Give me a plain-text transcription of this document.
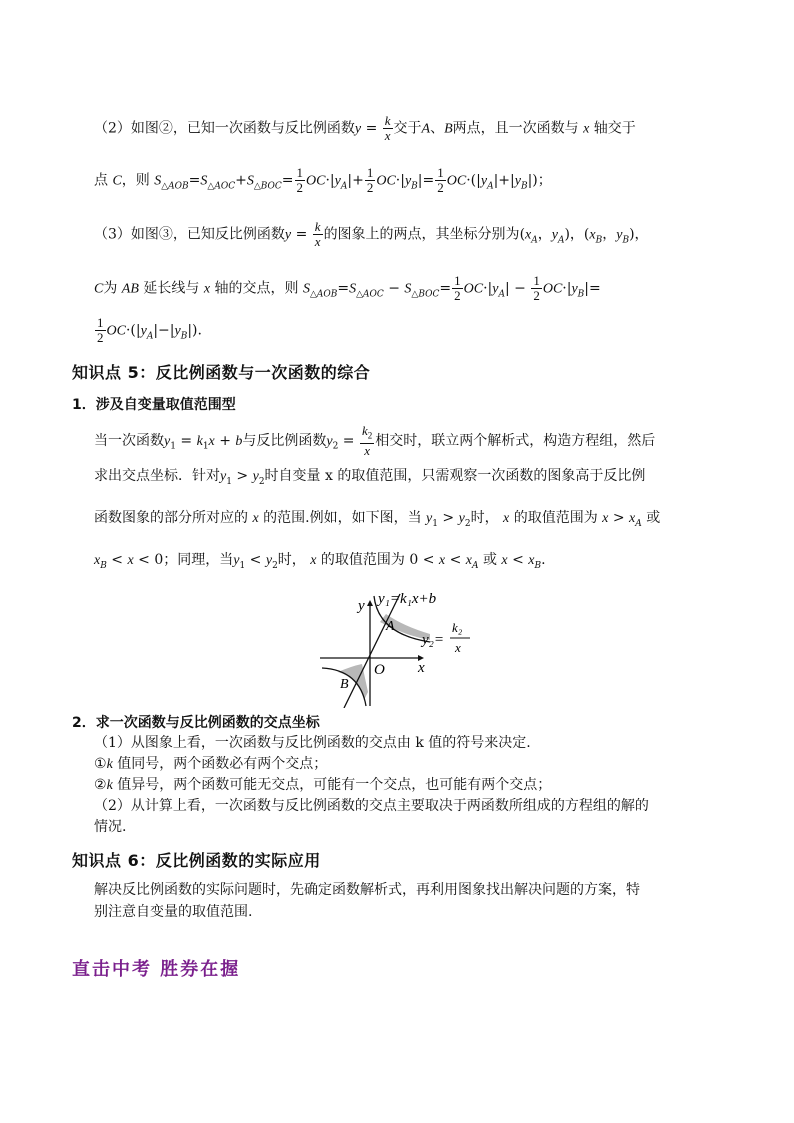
（2）如图②，已知一次函数与反比例函数$y = \frac{k}{x}$ 交于A、B两点，且一次函数与 x 轴交于
点 C，则 $S_{\triangle AOB}=S_{\triangle AOC}+S_{\triangle BOC}= \frac{1}{2} OC\cdot|y_A|+ \frac{1}{2} OC\cdot|y_B|= \frac{1}{2} OC\cdot(|y_A|+|y_B|)$；
（3）如图③，已知反比例函数$y = \frac{k}{x}$ 的图象上的两点，其坐标分别为($x_A$，$y_A$)，($x_B$，$y_B$)，
C为 AB 延长线与 x 轴的交点，则 $S_{\triangle AOB}=S_{\triangle AOC} - S_{\triangle BOC}= \frac{1}{2} OC\cdot|y_A| - \frac{1}{2} OC\cdot|y_B|=$
$\frac{1}{2} OC\cdot(|y_A|-|y_B|)$.
知识点 5：反比例函数与一次函数的综合
1．涉及自变量取值范围型
当一次函数$y_1 = k_1x + b$与反比例函数$y_2 = \frac{k_2}{x}$ 相交时，联立两个解析式，构造方程组，然后
求出交点坐标．针对$y_1 > y_2$时自变量 x 的取值范围，只需观察一次函数的图象高于反比例
函数图象的部分所对应的 x 的范围.例如，如下图，当 $y_1 > y_2$时， x 的取值范围为 $x > x_A$ 或
$x_B < x < 0$；同理，当$y_1 < y_2$时， x 的取值范围为 $0 < x < x_A$ 或 $x < x_B$.
y y₁=k₁x+b
A
y₂=
k₂
x
O x
B
2．求一次函数与反比例函数的交点坐标
（1）从图象上看，一次函数与反比例函数的交点由 k 值的符号来决定.
①k 值同号，两个函数必有两个交点；
②k 值异号，两个函数可能无交点，可能有一个交点，也可能有两个交点；
（2）从计算上看，一次函数与反比例函数的交点主要取决于两函数所组成的方程组的解的
情况.
知识点 6：反比例函数的实际应用
解决反比例函数的实际问题时，先确定函数解析式，再利用图象找出解决问题的方案，特
别注意自变量的取值范围.
直击中考 胜券在握
